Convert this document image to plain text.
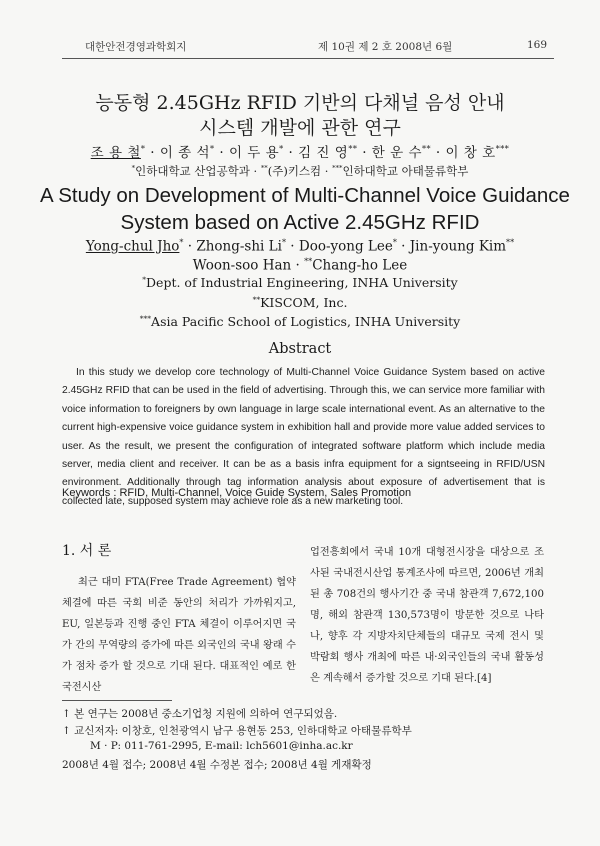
대한안전경영과학회지	제 10권 제 2 호 2008년 6월	169
능동형 2.45GHz RFID 기반의 다채널 음성 안내
시스템 개발에 관한 연구
조 용 철* · 이 종 석* · 이 두 용* · 김 진 영** · 한 운 수** · 이 창 호***
*인하대학교 산업공학과 · **(주)키스컴 · ***인하대학교 아태물류학부
A Study on Development of Multi-Channel Voice Guidance
System based on Active 2.45GHz RFID
Yong-chul Jho* · Zhong-shi Li* · Doo-yong Lee* · Jin-young Kim**
Woon-soo Han · **Chang-ho Lee
*Dept. of Industrial Engineering, INHA University
**KISCOM, Inc.
***Asia Pacific School of Logistics, INHA University
Abstract
In this study we develop core technology of Multi-Channel Voice Guidance System based on active 2.45GHz RFID that can be used in the field of advertising. Through this, we can service more familiar with voice information to foreigners by own language in large scale international event. As an alternative to the current high-expensive voice guidance system in exhibition hall and provide more value added services to user. As the result, we present the configuration of integrated software platform which include media server, media client and receiver. It can be as a basis infra equipment for a signtseeing in RFID/USN environment. Additionally through tag information analysis about exposure of advertisement that is collected late, supposed system may achieve role as a new marketing tool.
Keywords : RFID, Multi-Channel, Voice Guide System, Sales Promotion
1. 서 론
최근 대미 FTA(Free Trade Agreement) 협약 체결에 따른 국회 비준 동안의 처리가 가까워지고, EU, 일본등과 진행 중인 FTA 체결이 이루어지면 국가 간의 무역량의 증가에 따른 외국인의 국내 왕래 수가 점차 증가 할 것으로 기대 된다. 대표적인 예로 한국전시산
업전흥회에서 국내 10개 대형전시장을 대상으로 조사된 국내전시산업 통계조사에 따르면, 2006년 개최된 총 708건의 행사기간 중 국내 참관객 7,672,100명, 해외 참관객 130,573명이 방문한 것으로 나타나, 향후 각 지방자치단체들의 대규모 국제 전시 및 박람회 행사 개최에 따른 내·외국인들의 국내 활동성은 계속해서 증가할 것으로 기대 된다.[4]
↑ 본 연구는 2008년 중소기업청 지원에 의하여 연구되었음.
↑ 교신저자: 이창호, 인천광역시 남구 용현동 253, 인하대학교 아태물류학부
M · P: 011-761-2995, E-mail: lch5601@inha.ac.kr
2008년 4월 접수; 2008년 4월 수정본 접수; 2008년 4월 게재확정
